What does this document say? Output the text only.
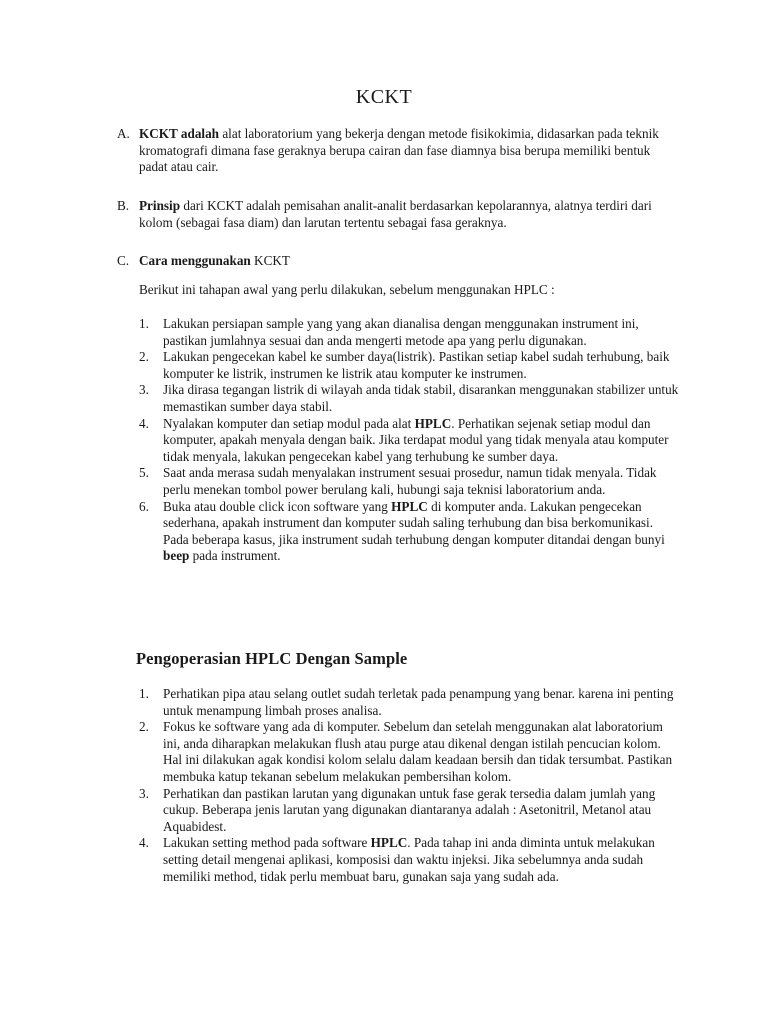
KCKT
A. KCKT adalah alat laboratorium yang bekerja dengan metode fisikokimia, didasarkan pada teknik kromatografi dimana fase geraknya berupa cairan dan fase diamnya bisa berupa memiliki bentuk padat atau cair.
B. Prinsip dari KCKT adalah pemisahan analit-analit berdasarkan kepolarannya, alatnya terdiri dari kolom (sebagai fasa diam) dan larutan tertentu sebagai fasa geraknya.
C. Cara menggunakan KCKT
Berikut ini tahapan awal yang perlu dilakukan, sebelum menggunakan HPLC :
1. Lakukan persiapan sample yang yang akan dianalisa dengan menggunakan instrument ini, pastikan jumlahnya sesuai dan anda mengerti metode apa yang perlu digunakan.
2. Lakukan pengecekan kabel ke sumber daya(listrik). Pastikan setiap kabel sudah terhubung, baik komputer ke listrik, instrumen ke listrik atau komputer ke instrumen.
3. Jika dirasa tegangan listrik di wilayah anda tidak stabil, disarankan menggunakan stabilizer untuk memastikan sumber daya stabil.
4. Nyalakan komputer dan setiap modul pada alat HPLC. Perhatikan sejenak setiap modul dan komputer, apakah menyala dengan baik. Jika terdapat modul yang tidak menyala atau komputer tidak menyala, lakukan pengecekan kabel yang terhubung ke sumber daya.
5. Saat anda merasa sudah menyalakan instrument sesuai prosedur, namun tidak menyala. Tidak perlu menekan tombol power berulang kali, hubungi saja teknisi laboratorium anda.
6. Buka atau double click icon software yang HPLC di komputer anda. Lakukan pengecekan sederhana, apakah instrument dan komputer sudah saling terhubung dan bisa berkomunikasi. Pada beberapa kasus, jika instrument sudah terhubung dengan komputer ditandai dengan bunyi beep pada instrument.
Pengoperasian HPLC Dengan Sample
1. Perhatikan pipa atau selang outlet sudah terletak pada penampung yang benar. karena ini penting untuk menampung limbah proses analisa.
2. Fokus ke software yang ada di komputer. Sebelum dan setelah menggunakan alat laboratorium ini, anda diharapkan melakukan flush atau purge atau dikenal dengan istilah pencucian kolom. Hal ini dilakukan agak kondisi kolom selalu dalam keadaan bersih dan tidak tersumbat. Pastikan membuka katup tekanan sebelum melakukan pembersihan kolom.
3. Perhatikan dan pastikan larutan yang digunakan untuk fase gerak tersedia dalam jumlah yang cukup. Beberapa jenis larutan yang digunakan diantaranya adalah : Asetonitril, Metanol atau Aquabidest.
4. Lakukan setting method pada software HPLC. Pada tahap ini anda diminta untuk melakukan setting detail mengenai aplikasi, komposisi dan waktu injeksi. Jika sebelumnya anda sudah memiliki method, tidak perlu membuat baru, gunakan saja yang sudah ada.
